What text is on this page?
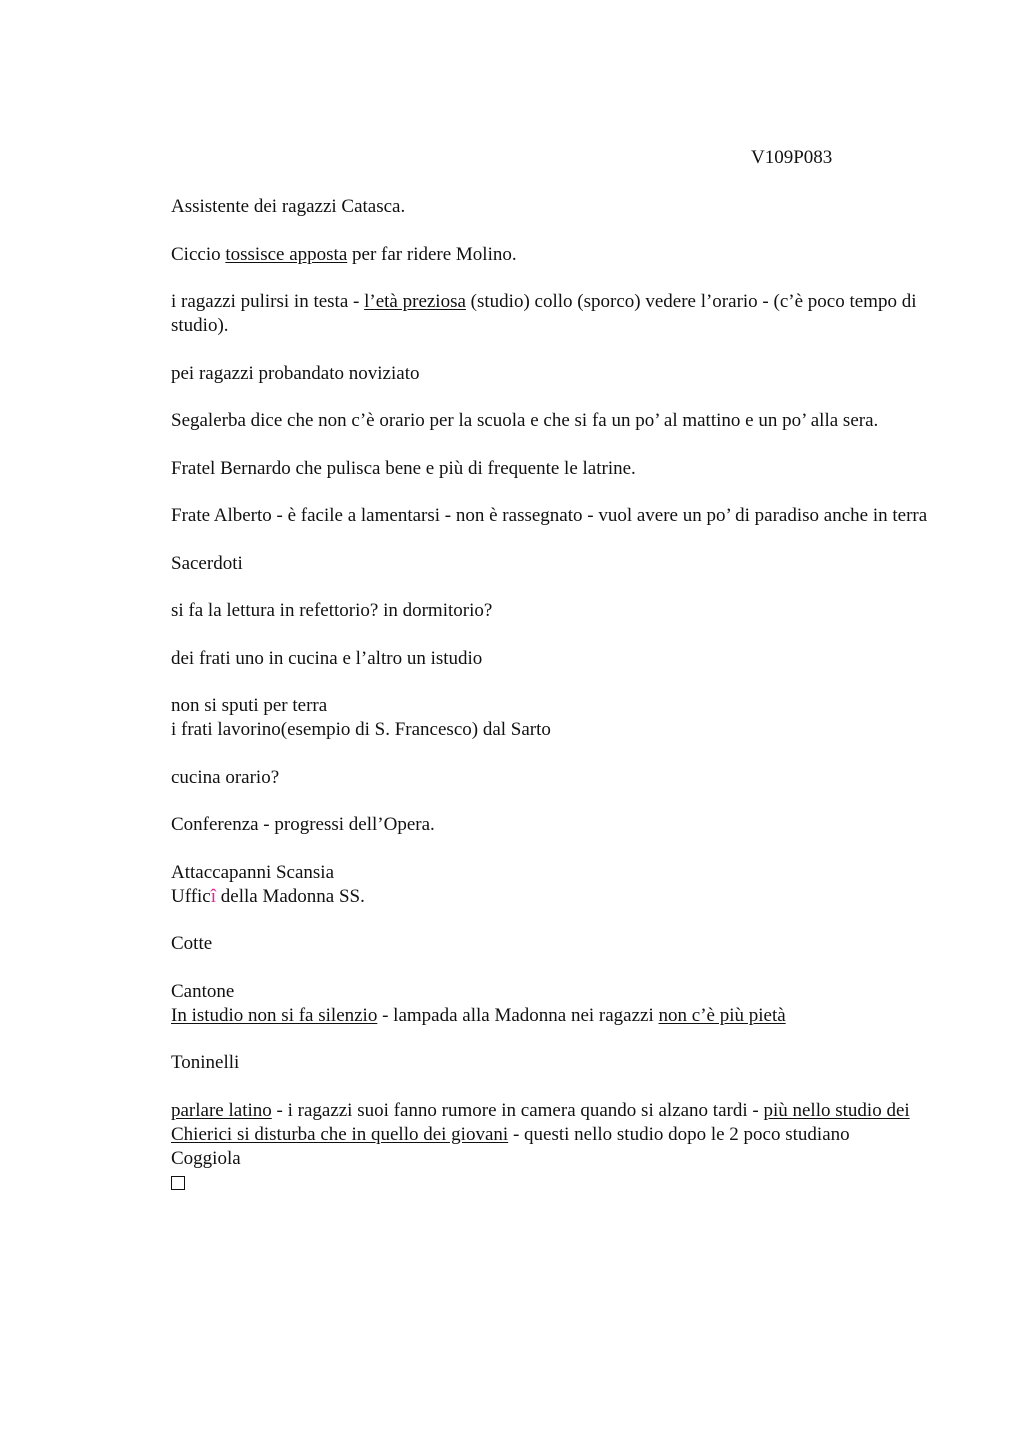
V109P083

Assistente dei ragazzi Catasca.

Ciccio tossisce apposta per far ridere Molino.

i ragazzi pulirsi in testa - l’età preziosa (studio) collo (sporco) vedere l’orario - (c’è poco tempo di studio).

pei ragazzi probandato noviziato

Segalerba dice che non c’è orario per la scuola e che si fa un po’ al mattino e un po’ alla sera.

Fratel Bernardo che pulisca bene e più di frequente le latrine.

Frate Alberto - è facile a lamentarsi - non è rassegnato - vuol avere un po’ di paradiso anche in terra

Sacerdoti

si fa la lettura in refettorio? in dormitorio?

dei frati uno in cucina e l’altro un istudio

non si sputi per terra
i frati lavorino(esempio di S. Francesco) dal Sarto

cucina orario?

Conferenza - progressi dell’Opera.

Attaccapanni Scansia
Ufficî della Madonna SS.

Cotte

Cantone
In istudio non si fa silenzio - lampada alla Madonna nei ragazzi non c’è più pietà

Toninelli

parlare latino - i ragazzi suoi fanno rumore in camera quando si alzano tardi - più nello studio dei Chierici si disturba che in quello dei giovani - questi nello studio dopo le 2 poco studiano

Coggiola
